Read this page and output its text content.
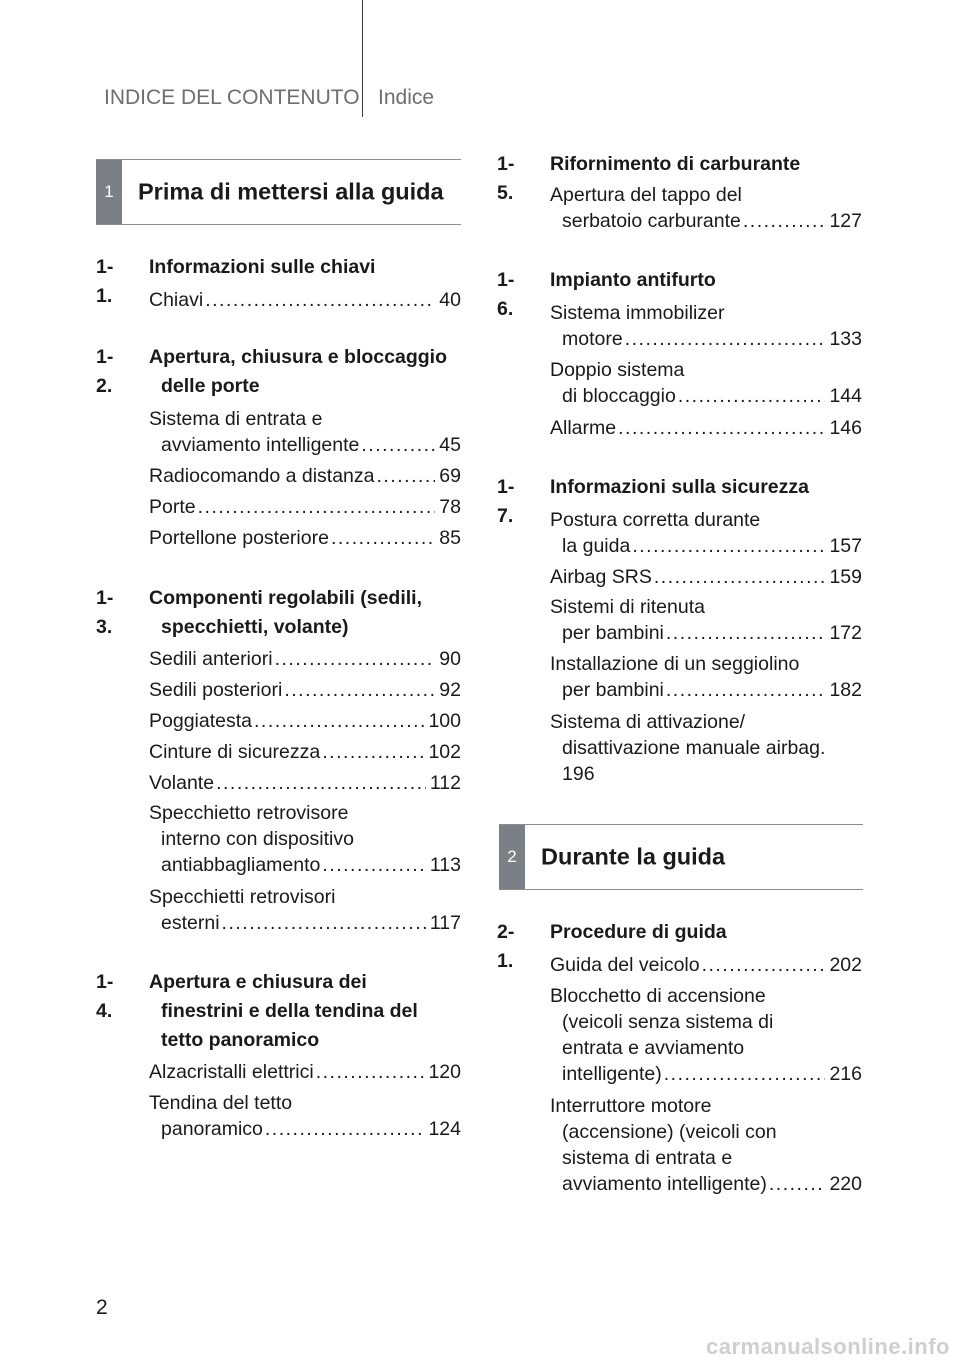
INDICE DEL CONTENUTO Indice
1	Prima di mettersi alla guida
1-1.
Informazioni sulle chiavi
Chiavi .....	40
1-2.
Apertura, chiusura e bloccaggio delle porte
Sistema di entrata e
avviamento intelligente .....	45
Radiocomando a distanza .....	69
Porte .....	78
Portellone posteriore .....	85
1-3.
Componenti regolabili (sedili, specchietti, volante)
Sedili anteriori .....	90
Sedili posteriori .....	92
Poggiatesta .....	100
Cinture di sicurezza .....	102
Volante .....	112
Specchietto retrovisore
interno con dispositivo
antiabbagliamento .....	113
Specchietti retrovisori
esterni .....	117
1-4.
Apertura e chiusura dei finestrini e della tendina del tetto panoramico
Alzacristalli elettrici .....	120
Tendina del tetto
panoramico .....	124
1-5.
Rifornimento di carburante
Apertura del tappo del
serbatoio carburante .....	127
1-6.
Impianto antifurto
Sistema immobilizer
motore .....	133
Doppio sistema
di bloccaggio .....	144
Allarme .....	146
1-7.
Informazioni sulla sicurezza
Postura corretta durante
la guida .....	157
Airbag SRS .....	159
Sistemi di ritenuta
per bambini .....	172
Installazione di un seggiolino
per bambini .....	182
Sistema di attivazione/
disattivazione manuale airbag.
196
2	Durante la guida
2-1.
Procedure di guida
Guida del veicolo .....	202
Blocchetto di accensione
(veicoli senza sistema di
entrata e avviamento
intelligente) .....	216
Interruttore motore
(accensione) (veicoli con
sistema di entrata e
avviamento intelligente) .....	220
2
carmanualsonline.info
